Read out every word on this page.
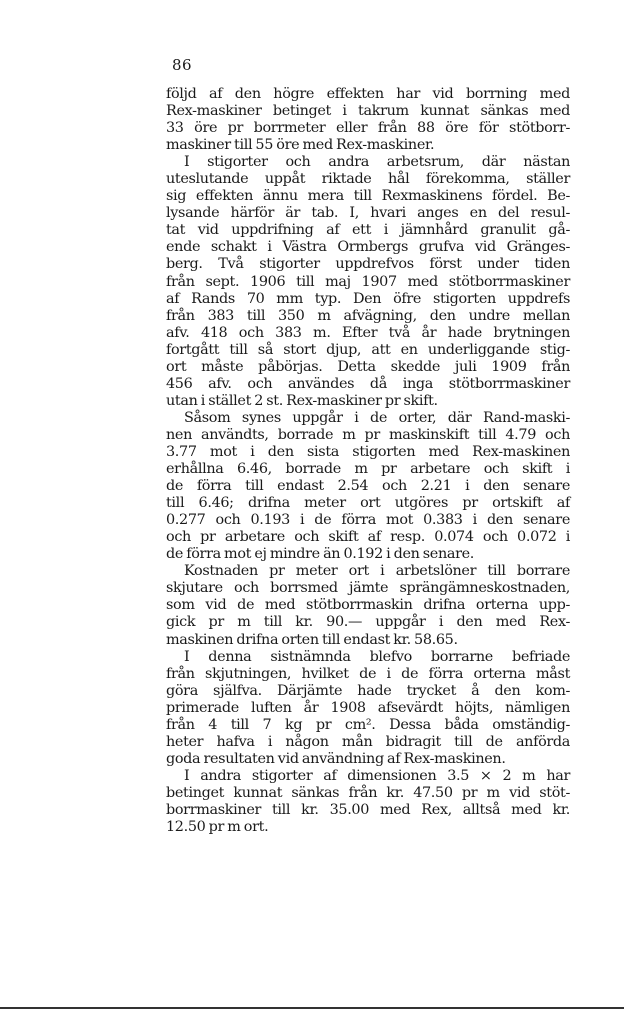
86
följd af den högre effekten har vid borrning med
Rex-maskiner betinget i takrum kunnat sänkas med
33 öre pr borrmeter eller från 88 öre för stötborr-
maskiner till 55 öre med Rex-maskiner.
I stigorter och andra arbetsrum, där nästan
uteslutande uppåt riktade hål förekomma, ställer
sig effekten ännu mera till Rexmaskinens fördel. Be-
lysande härför är tab. I, hvari anges en del resul-
tat vid uppdrifning af ett i jämnhård granulit gå-
ende schakt i Västra Ormbergs grufva vid Gränges-
berg. Två stigorter uppdrefvos först under tiden
från sept. 1906 till maj 1907 med stötborrmaskiner
af Rands 70 mm typ. Den öfre stigorten uppdrefs
från 383 till 350 m afvägning, den undre mellan
afv. 418 och 383 m. Efter två år hade brytningen
fortgått till så stort djup, att en underliggande stig-
ort måste påbörjas. Detta skedde juli 1909 från
456 afv. och användes då inga stötborrmaskiner
utan i stället 2 st. Rex-maskiner pr skift.
Såsom synes uppgår i de orter, där Rand-maski-
nen användts, borrade m pr maskinskift till 4.79 och
3.77 mot i den sista stigorten med Rex-maskinen
erhållna 6.46, borrade m pr arbetare och skift i
de förra till endast 2.54 och 2.21 i den senare
till 6.46; drifna meter ort utgöres pr ortskift af
0.277 och 0.193 i de förra mot 0.383 i den senare
och pr arbetare och skift af resp. 0.074 och 0.072 i
de förra mot ej mindre än 0.192 i den senare.
Kostnaden pr meter ort i arbetslöner till borrare
skjutare och borrsmed jämte sprängämneskostnaden,
som vid de med stötborrmaskin drifna orterna upp-
gick pr m till kr. 90.— uppgår i den med Rex-
maskinen drifna orten till endast kr. 58.65.
I denna sistnämnda blefvo borrarne befriade
från skjutningen, hvilket de i de förra orterna måst
göra själfva. Därjämte hade trycket å den kom-
primerade luften år 1908 afsevärdt höjts, nämligen
från 4 till 7 kg pr cm². Dessa båda omständig-
heter hafva i någon mån bidragit till de anförda
goda resultaten vid användning af Rex-maskinen.
I andra stigorter af dimensionen 3.5 × 2 m har
betinget kunnat sänkas från kr. 47.50 pr m vid stöt-
borrmaskiner till kr. 35.00 med Rex, alltså med kr.
12.50 pr m ort.
